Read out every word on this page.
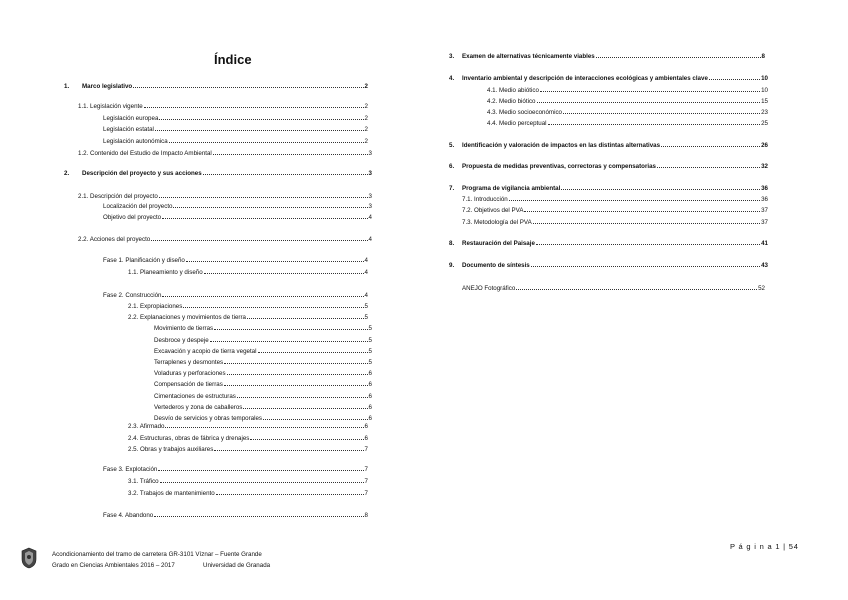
Índice
1.	Marco legislativo	2
1.1. Legislación vigente	2
Legislación europea	2
Legislación estatal	2
Legislación autonómica	2
1.2. Contenido del Estudio de Impacto Ambiental	3
2.	Descripción del proyecto y sus acciones	3
2.1. Descripción del proyecto	3
Localización del proyecto	3
Objetivo del proyecto	4
2.2. Acciones del proyecto	4
Fase 1. Planificación y diseño	4
1.1. Planeamiento y diseño	4
Fase 2. Construcción	4
2.1. Expropiaciones	5
2.2. Explanaciones y movimientos de tierra	5
Movimiento de tierras	5
Desbroce y despeje	5
Excavación y acopio de tierra vegetal	5
Terraplenes y desmontes	5
Voladuras y perforaciones	6
Compensación de tierras	6
Cimentaciones de estructuras	6
Vertederos y zona de caballeros	6
Desvío de servicios y obras temporales	6
2.3. Afirmado	6
2.4. Estructuras, obras de fábrica y drenajes	6
2.5. Obras y trabajos auxiliares	7
Fase 3. Explotación	7
3.1. Tráfico	7
3.2. Trabajos de mantenimiento	7
Fase 4. Abandono	8
3.	Examen de alternativas técnicamente viables	8
4.	Inventario ambiental y descripción de interacciones ecológicas y ambientales clave	10
4.1. Medio abiótico	10
4.2. Medio biótico	15
4.3. Medio socioeconómico	23
4.4. Medio perceptual	25
5.	Identificación y valoración de impactos en las distintas alternativas	26
6.	Propuesta de medidas preventivas, correctoras y compensatorias	32
7.	Programa de vigilancia ambiental	36
7.1. Introducción	36
7.2. Objetivos del PVA	37
7.3. Metodología del PVA	37
8.	Restauración del Paisaje	41
9.	Documento de síntesis	43
ANEJO Fotográfico	52
Acondicionamiento del tramo de carretera GR-3101 Víznar – Fuente Grande
Grado en Ciencias Ambientales 2016 – 2017	Universidad de Granada
P á g i n a 1 | 54
